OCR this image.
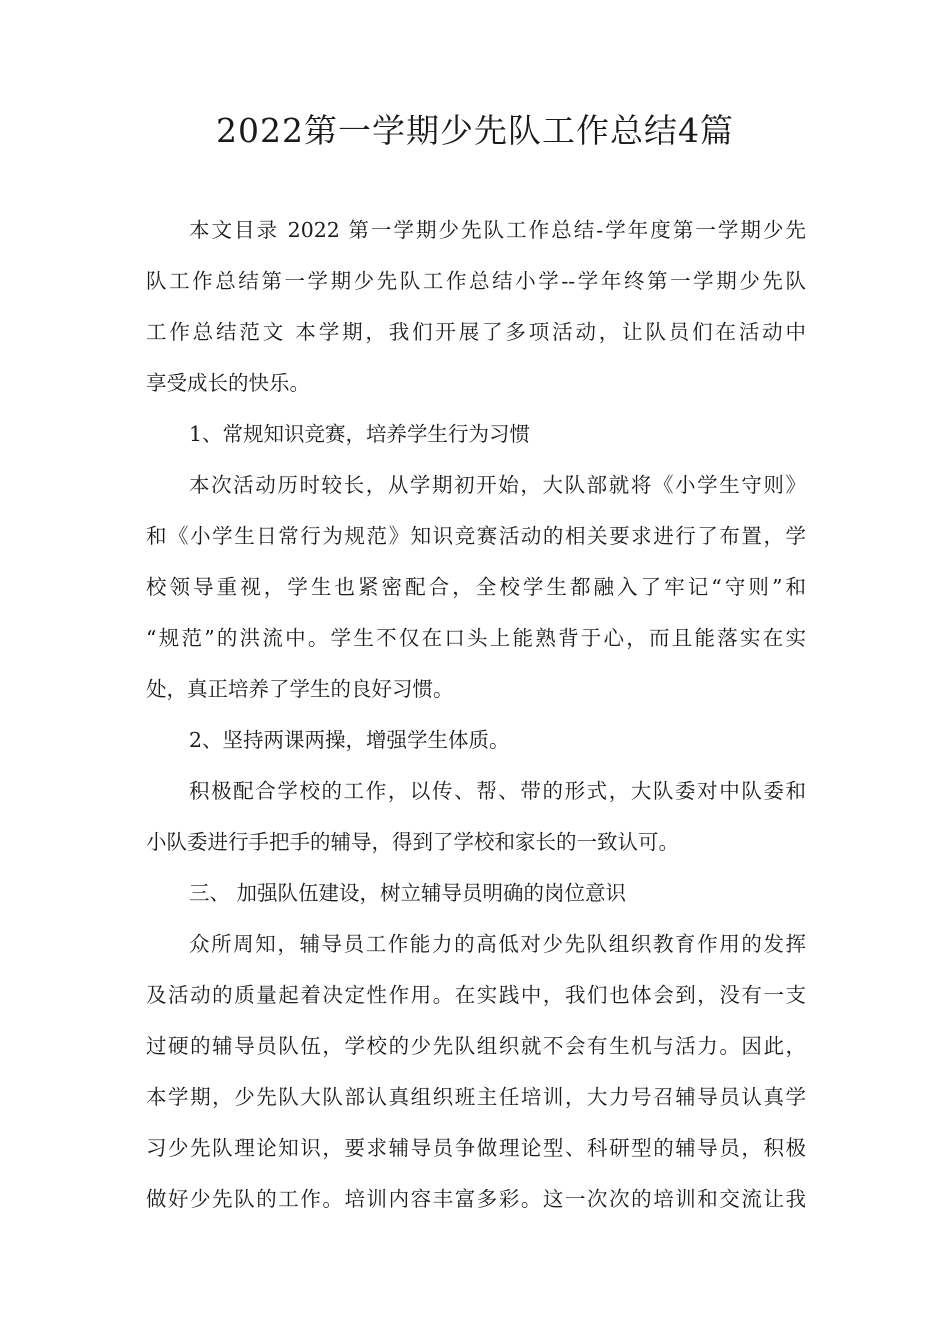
2022第一学期少先队工作总结4篇
本文目录 2022 第一学期少先队工作总结-学年度第一学期少先
队工作总结第一学期少先队工作总结小学--学年终第一学期少先队
工作总结范文 本学期，我们开展了多项活动，让队员们在活动中
享受成长的快乐。
1、常规知识竞赛，培养学生行为习惯
本次活动历时较长，从学期初开始，大队部就将《小学生守则》
和《小学生日常行为规范》知识竞赛活动的相关要求进行了布置，学
校领导重视，学生也紧密配合，全校学生都融入了牢记“守则”和
“规范”的洪流中。学生不仅在口头上能熟背于心，而且能落实在实
处，真正培养了学生的良好习惯。
2、坚持两课两操，增强学生体质。
积极配合学校的工作，以传、帮、带的形式，大队委对中队委和
小队委进行手把手的辅导，得到了学校和家长的一致认可。
三、 加强队伍建设，树立辅导员明确的岗位意识
众所周知，辅导员工作能力的高低对少先队组织教育作用的发挥
及活动的质量起着决定性作用。在实践中，我们也体会到，没有一支
过硬的辅导员队伍，学校的少先队组织就不会有生机与活力。因此，
本学期，少先队大队部认真组织班主任培训，大力号召辅导员认真学
习少先队理论知识，要求辅导员争做理论型、科研型的辅导员，积极
做好少先队的工作。培训内容丰富多彩。这一次次的培训和交流让我
